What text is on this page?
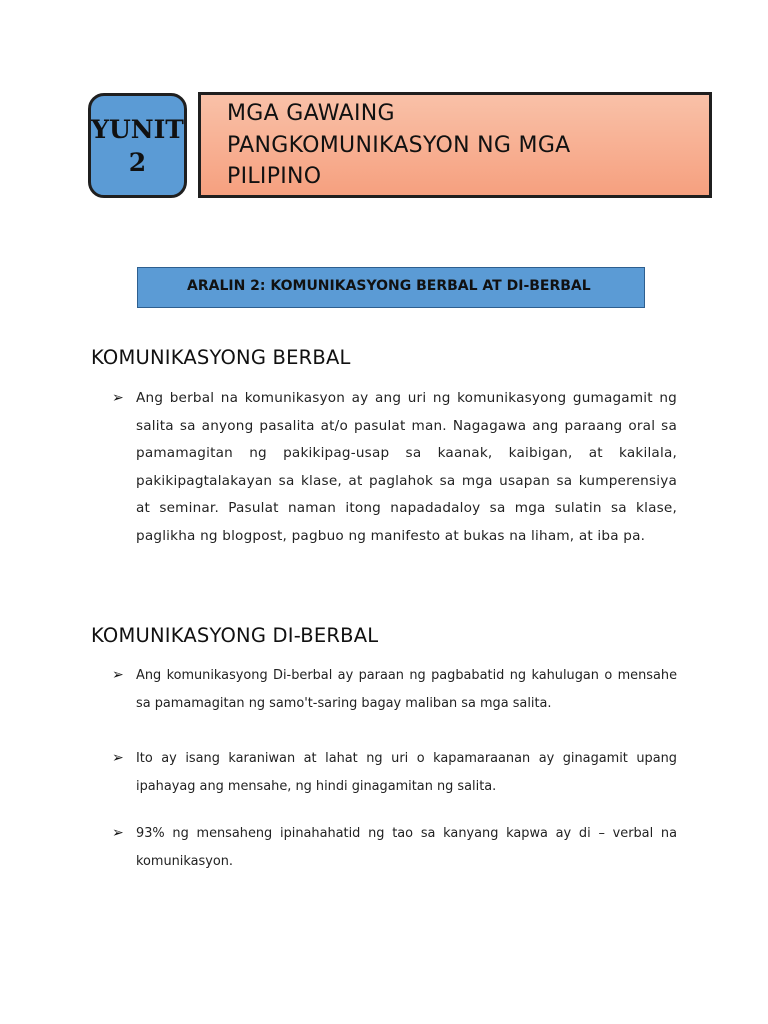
YUNIT
2
MGA GAWAING
PANGKOMUNIKASYON NG MGA
PILIPINO
ARALIN 2: KOMUNIKASYONG BERBAL AT DI-BERBAL
KOMUNIKASYONG BERBAL
➢ Ang berbal na komunikasyon ay ang uri ng komunikasyong gumagamit ng salita sa anyong pasalita at/o pasulat man. Nagagawa ang paraang oral sa pamamagitan ng pakikipag-usap sa kaanak, kaibigan, at kakilala, pakikipagtalakayan sa klase, at paglahok sa mga usapan sa kumperensiya at seminar. Pasulat naman itong napadadaloy sa mga sulatin sa klase, paglikha ng blogpost, pagbuo ng manifesto at bukas na liham, at iba pa.
KOMUNIKASYONG DI-BERBAL
➢ Ang komunikasyong Di-berbal ay paraan ng pagbabatid ng kahulugan o mensahe sa pamamagitan ng samo't-saring bagay maliban sa mga salita.
➢ Ito ay isang karaniwan at lahat ng uri o kapamaraanan ay ginagamit upang ipahayag ang mensahe, ng hindi ginagamitan ng salita.
➢ 93% ng mensaheng ipinahahatid ng tao sa kanyang kapwa ay di – verbal na komunikasyon.
